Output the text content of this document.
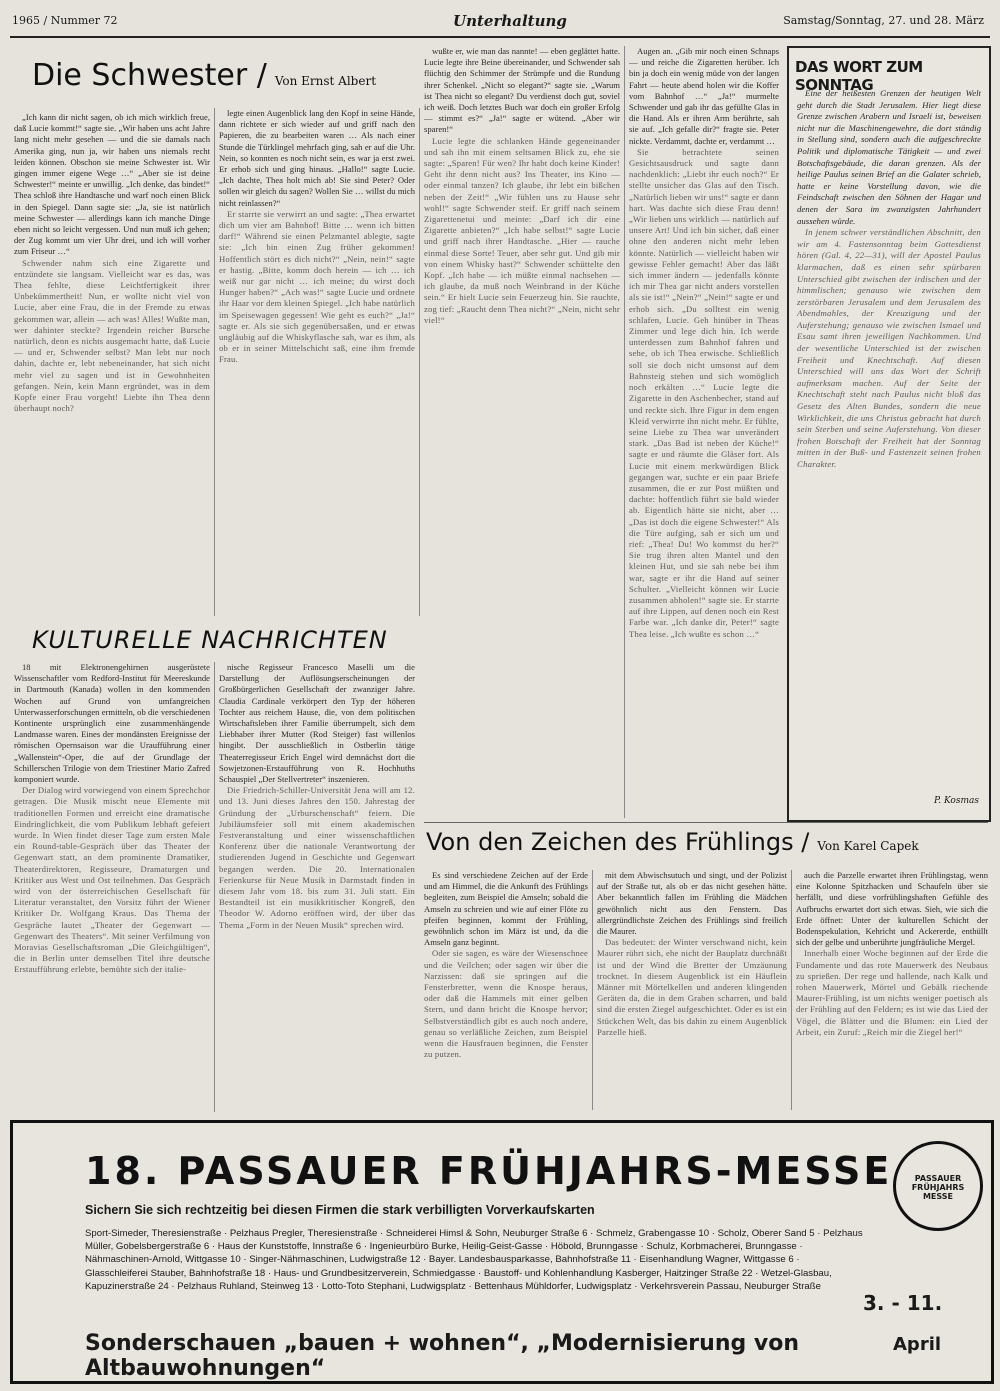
1965 / Nummer 72	Unterhaltung	Samstag/Sonntag, 27. und 28. März
Die Schwester / Von Ernst Albert

„Ich kann dir nicht sagen, ob ich mich wirklich freue, daß Lucie kommt!“ sagte sie. „Wir haben uns acht Jahre lang nicht mehr gesehen — und die sie damals nach Amerika ging, nun ja, wir haben uns niemals recht leiden können. Obschon sie meine Schwester ist. Wir gingen immer eigene Wege …“ „Aber sie ist deine Schwester!“ meinte er unwillig. „Ich denke, das bindet!“ Thea schloß ihre Handtasche und warf noch einen Blick in den Spiegel. Dann sagte sie: „Ja, sie ist natürlich meine Schwester — allerdings kann ich manche Dinge eben nicht so leicht vergessen. Und nun muß ich gehen; der Zug kommt um vier Uhr drei, und ich will vorher zum Friseur …“

Schwender nahm sich eine Zigarette und entzündete sie langsam. Vielleicht war es das, was Thea fehlte, diese Leichtfertigkeit ihrer Unbekümmertheit! Nun, er wollte nicht viel von Lucie, aber eine Frau, die in der Fremde zu etwas gekommen war, allein — ach was! Alles! Wußte man, wer dahinter steckte? Irgendein reicher Bursche natürlich, denn es nichts ausgemacht hatte, daß Lucie — und er, Schwender selbst? Man lebt nur noch dahin, dachte er, lebt nebeneinander, hat sich nicht mehr viel zu sagen und ist in Gewohnheiten gefangen. Nein, kein Mann ergründet, was in dem Kopfe einer Frau vorgeht! Liebte ihn Thea denn überhaupt noch?

legte einen Augenblick lang den Kopf in seine Hände, dann richtete er sich wieder auf und griff nach den Papieren, die zu bearbeiten waren … Als nach einer Stunde die Türklingel mehrfach ging, sah er auf die Uhr. Nein, so konnten es noch nicht sein, es war ja erst zwei. Er erhob sich und ging hinaus. „Hallo!“ sagte Lucie. „Ich dachte, Thea holt mich ab! Sie sind Peter? Oder sollen wir gleich du sagen? Wollen Sie … willst du mich nicht reinlassen?“

Er starrte sie verwirrt an und sagte: „Thea erwartet dich um vier am Bahnhof! Bitte … wenn ich bitten darf!“ Während sie einen Pelzmantel ablegte, sagte sie: „Ich bin einen Zug früher gekommen! Hoffentlich stört es dich nicht?“ „Nein, nein!“ sagte er hastig. „Bitte, komm doch herein — ich … ich weiß nur gar nicht … ich meine; du wirst doch Hunger haben?“ „Ach was!“ sagte Lucie und ordnete ihr Haar vor dem kleinen Spiegel. „Ich habe natürlich im Speisewagen gegessen! Wie geht es euch?“ „Ja!“ sagte er. Als sie sich gegenübersaßen, und er etwas ungläubig auf die Whiskyflasche sah, war es ihm, als ob er in seiner Mittelschicht saß, eine ihm fremde Frau.

wußte er, wie man das nannte! — eben geglättet hatte. Lucie legte ihre Beine übereinander, und Schwender sah flüchtig den Schimmer der Strümpfe und die Rundung ihrer Schenkel. „Nicht so elegant?“ sagte sie. „Warum ist Thea nicht so elegant? Du verdienst doch gut, soviel ich weiß. Doch letztes Buch war doch ein großer Erfolg — stimmt es?“ „Ja!“ sagte er wütend. „Aber wir sparen!“

Lucie legte die schlanken Hände gegeneinander und sah ihn mit einem seltsamen Blick zu, ehe sie sagte: „Sparen! Für wen? Ihr habt doch keine Kinder! Geht ihr denn nicht aus? Ins Theater, ins Kino — oder einmal tanzen? Ich glaube, ihr lebt ein bißchen neben der Zeit!“ „Wir fühlen uns zu Hause sehr wohl!“ sagte Schwender steif. Er griff nach seinem Zigarettenetui und meinte: „Darf ich dir eine Zigarette anbieten?“ „Ich habe selbst!“ sagte Lucie und griff nach ihrer Handtasche. „Hier — rauche einmal diese Sorte! Teuer, aber sehr gut. Und gib mir von einem Whisky hast?“ Schwender schüttelte den Kopf. „Ich habe — ich müßte einmal nachsehen — ich glaube, da muß noch Weinbrand in der Küche sein.“ Er hielt Lucie sein Feuerzeug hin. Sie rauchte, zog tief: „Raucht denn Thea nicht?“ „Nein, nicht sehr viel!“

Augen an. „Gib mir noch einen Schnaps — und reiche die Zigaretten herüber. Ich bin ja doch ein wenig müde von der langen Fahrt — heute abend holen wir die Koffer vom Bahnhof …“ „Ja!“ murmelte Schwender und gab ihr das gefüllte Glas in die Hand. Als er ihren Arm berührte, sah sie auf. „Ich gefalle dir?“ fragte sie. Peter nickte. Verdammt, dachte er, verdammt …

Sie betrachtete seinen Gesichtsausdruck und sagte dann nachdenklich: „Liebt ihr euch noch?“ Er stellte unsicher das Glas auf den Tisch. „Natürlich lieben wir uns!“ sagte er dann hart. Was dachte sich diese Frau denn! „Wir lieben uns wirklich — natürlich auf unsere Art! Und ich bin sicher, daß einer ohne den anderen nicht mehr leben könnte. Natürlich — vielleicht haben wir gewisse Fehler gemacht! Aber das läßt sich immer ändern — jedenfalls könnte ich mir Thea gar nicht anders vorstellen als sie ist!“ „Nein?“ „Nein!“ sagte er und erhob sich. „Du solltest ein wenig schlafen, Lucie. Geh hinüber in Theas Zimmer und lege dich hin. Ich werde unterdessen zum Bahnhof fahren und sehe, ob ich Thea erwische. Schließlich soll sie doch nicht umsonst auf dem Bahnsteig stehen und sich womöglich noch erkälten …“ Lucie legte die Zigarette in den Aschenbecher, stand auf und reckte sich. Ihre Figur in dem engen Kleid verwirrte ihn nicht mehr. Er fühlte, seine Liebe zu Thea war unverändert stark. „Das Bad ist neben der Küche!“ sagte er und räumte die Gläser fort. Als Lucie mit einem merkwürdigen Blick gegangen war, suchte er ein paar Briefe zusammen, die er zur Post müßten und dachte: hoffentlich führt sie bald wieder ab. Eigentlich hätte sie nicht, aber … „Das ist doch die eigene Schwester!“ Als die Türe aufging, sah er sich um und rief: „Thea! Du! Wo kommst du her?“ Sie trug ihren alten Mantel und den kleinen Hut, und sie sah nebe bei ihm war, sagte er ihr die Hand auf seiner Schulter. „Vielleicht können wir Lucie zusammen abholen!“ sagte sie. Er starrte auf ihre Lippen, auf denen noch ein Rest Farbe war. „Ich danke dir, Peter!“ sagte Thea leise. „Ich wußte es schon …“

DAS WORT ZUM SONNTAG

Eine der heißesten Grenzen der heutigen Welt geht durch die Stadt Jerusalem. Hier liegt diese Grenze zwischen Arabern und Israeli ist, beweisen nicht nur die Maschinengewehre, die dort ständig in Stellung sind, sondern auch die aufgeschreckte Politik und diplomatische Tätigkeit — und zwei Botschaftsgebäude, die daran grenzen. Als der heilige Paulus seinen Brief an die Galater schrieb, hatte er keine Vorstellung davon, wie die Feindschaft zwischen den Söhnen der Hagar und denen der Sara im zwanzigsten Jahrhundert aussehen würde.

In jenem schwer verständlichen Abschnitt, den wir am 4. Fastensonntag beim Gottesdienst hören (Gal. 4, 22—31), will der Apostel Paulus klarmachen, daß es einen sehr spürbaren Unterschied gibt zwischen der irdischen und der himmlischen; genauso wie zwischen dem zerstörbaren Jerusalem und dem Jerusalem des Abendmahles, der Kreuzigung und der Auferstehung; genauso wie zwischen Ismael und Esau samt ihren jeweiligen Nachkommen. Und der wesentliche Unterschied ist der zwischen Freiheit und Knechtschaft. Auf diesen Unterschied will uns das Wort der Schrift aufmerksam machen. Auf der Seite der Knechtschaft steht nach Paulus nicht bloß das Gesetz des Alten Bundes, sondern die neue Wirklichkeit, die uns Christus gebracht hat durch sein Sterben und seine Auferstehung. Von dieser frohen Botschaft der Freiheit hat der Sonntag mitten in der Buß- und Fastenzeit seinen frohen Charakter.

P. Kosmas
KULTURELLE NACHRICHTEN

18 mit Elektronengehirnen ausgerüstete Wissenschaftler vom Redford-Institut für Meereskunde in Dartmouth (Kanada) wollen in den kommenden Wochen auf Grund von umfangreichen Unterwasserforschungen ermitteln, ob die verschiedenen Kontinente ursprünglich eine zusammenhängende Landmasse waren. Eines der mondänsten Ereignisse der römischen Opernsaison war die Uraufführung einer „Wallenstein“-Oper, die auf der Grundlage der Schillerschen Trilogie von dem Triestiner Mario Zafred komponiert wurde.

Der Dialog wird vorwiegend von einem Sprechchor getragen. Die Musik mischt neue Elemente mit traditionellen Formen und erreicht eine dramatische Eindringlichkeit, die vom Publikum lebhaft gefeiert wurde. In Wien findet dieser Tage zum ersten Male ein Round-table-Gespräch über das Theater der Gegenwart statt, an dem prominente Dramatiker, Theaterdirektoren, Regisseure, Dramaturgen und Kritiker aus West und Ost teilnehmen. Das Gespräch wird von der österreichischen Gesellschaft für Literatur veranstaltet, den Vorsitz führt der Wiener Kritiker Dr. Wolfgang Kraus. Das Thema der Gespräche lautet „Theater der Gegenwart — Gegenwart des Theaters“. Mit seiner Verfilmung von Moravias Gesellschaftsroman „Die Gleichgültigen“, die in Berlin unter demselben Titel ihre deutsche Erstaufführung erlebte, bemühte sich der italie-

nische Regisseur Francesco Maselli um die Darstellung der Auflösungserscheinungen der Großbürgerlichen Gesellschaft der zwanziger Jahre. Claudia Cardinale verkörpert den Typ der höheren Tochter aus reichem Hause, die, von dem politischen Wirtschaftsleben ihrer Familie überrumpelt, sich dem Liebhaber ihrer Mutter (Rod Steiger) fast willenlos hingibt. Der ausschließlich in Ostberlin tätige Theaterregisseur Erich Engel wird demnächst dort die Sowjetzonen-Erstaufführung von R. Hochhuths Schauspiel „Der Stellvertreter“ inszenieren.

Die Friedrich-Schiller-Universität Jena will am 12. und 13. Juni dieses Jahres den 150. Jahrestag der Gründung der „Urburschenschaft“ feiern. Die Jubiläumsfeier soll mit einem akademischen Festveranstaltung und einer wissenschaftlichen Konferenz über die nationale Verantwortung der studierenden Jugend in Geschichte und Gegenwart begangen werden. Die 20. Internationalen Ferienkurse für Neue Musik in Darmstadt finden in diesem Jahr vom 18. bis zum 31. Juli statt. Ein Bestandteil ist ein musikkritischer Kongreß, den Theodor W. Adorno eröffnen wird, der über das Thema „Form in der Neuen Musik“ sprechen wird.

Von den Zeichen des Frühlings / Von Karel Capek

Es sind verschiedene Zeichen auf der Erde und am Himmel, die die Ankunft des Frühlings begleiten, zum Beispiel die Amseln; sobald die Amseln zu schreien und wie auf einer Flöte zu pfeifen beginnen, kommt der Frühling, gewöhnlich schon im März ist und, da die Amseln ganz beginnt.

Oder sie sagen, es wäre der Wiesenschnee und die Veilchen; oder sagen wir über die Narzissen: daß sie springen auf die Fensterbretter, wenn die Knospe heraus, oder daß die Hammels mit einer gelben Stern, und dann bricht die Knospe hervor; Selbstverständlich gibt es auch noch andere, genau so verläßliche Zeichen, zum Beispiel wenn die Hausfrauen beginnen, die Fenster zu putzen.

mit dem Abwischsutuch und singt, und der Polizist auf der Straße tut, als ob er das nicht gesehen hätte. Aber bekanntlich fallen im Frühling die Mädchen gewöhnlich nicht aus den Fenstern. Das allergründlichste Zeichen des Frühlings sind freilich die Maurer.

Das bedeutet: der Winter verschwand nicht, kein Maurer rührt sich, ehe nicht der Bauplatz durchnäßt ist und der Wind die Bretter der Umzäunung trocknet. In diesem Augenblick ist ein Häuflein Männer mit Mörtelkellen und anderen klingenden Geräten da, die in dem Graben scharren, und bald sind die ersten Ziegel aufgeschichtet. Oder es ist ein Stückchen Welt, das bis dahin zu einem Augenblick Parzelle hieß.

auch die Parzelle erwartet ihren Frühlingstag, wenn eine Kolonne Spitzhacken und Schaufeln über sie herfällt, und diese vorfrühlingshaften Gefühle des Aufbruchs erwartet dort sich etwas. Sieh, wie sich die Erde öffnet: Unter der kulturellen Schicht der Bodenspekulation, Kehricht und Ackererde, enthüllt sich der gelbe und unberührte jungfräuliche Mergel.

Innerhalb einer Woche beginnen auf der Erde die Fundamente und das rote Mauerwerk des Neubaus zu sprießen. Der rege und hallende, nach Kalk und rohen Mauerwerk, Mörtel und Gebälk riechende Maurer-Frühling, ist um nichts weniger poetisch als der Frühling auf den Feldern; es ist wie das Lied der Vögel, die Blätter und die Blumen: ein Lied der Arbeit, ein Zuruf: „Reich mir die Ziegel her!“

18. PASSAUER FRÜHJAHRS-MESSE
Sichern Sie sich rechtzeitig bei diesen Firmen die stark verbilligten Vorverkaufskarten
Sport-Simeder, Theresienstraße · Pelzhaus Pregler, Theresienstraße · Schneiderei Himsl & Sohn, Neuburger Straße 6 · Schmelz, Grabengasse 10 · Scholz, Oberer Sand 5 · Pelzhaus Müller, Gobelsbergerstraße 6 · Haus der Kunststoffe, Innstraße 6 · Ingenieurbüro Burke, Heilig-Geist-Gasse · Höbold, Brunngasse · Schulz, Korbmacherei, Brunngasse · Nähmaschinen-Arnold, Wittgasse 10 · Singer-Nähmaschinen, Ludwigstraße 12 · Bayer. Landesbausparkasse, Bahnhofstraße 11 · Eisenhandlung Wagner, Wittgasse 6 · Glasschleiferei Stauber, Bahnhofstraße 18 · Haus- und Grundbesitzerverein, Schmiedgasse · Baustoff- und Kohlenhandlung Kasberger, Haitzinger Straße 22 · Wetzel-Glasbau, Kapuzinerstraße 24 · Pelzhaus Ruhland, Steinweg 13 · Lotto-Toto Stephani, Ludwigsplatz · Bettenhaus Mühldorfer, Ludwigsplatz · Verkehrsverein Passau, Neuburger Straße
3. - 11.
April
Sonderschauen „bauen + wohnen“, „Modernisierung von Altbauwohnungen“
PASSAUER FRÜHJAHRS MESSE
